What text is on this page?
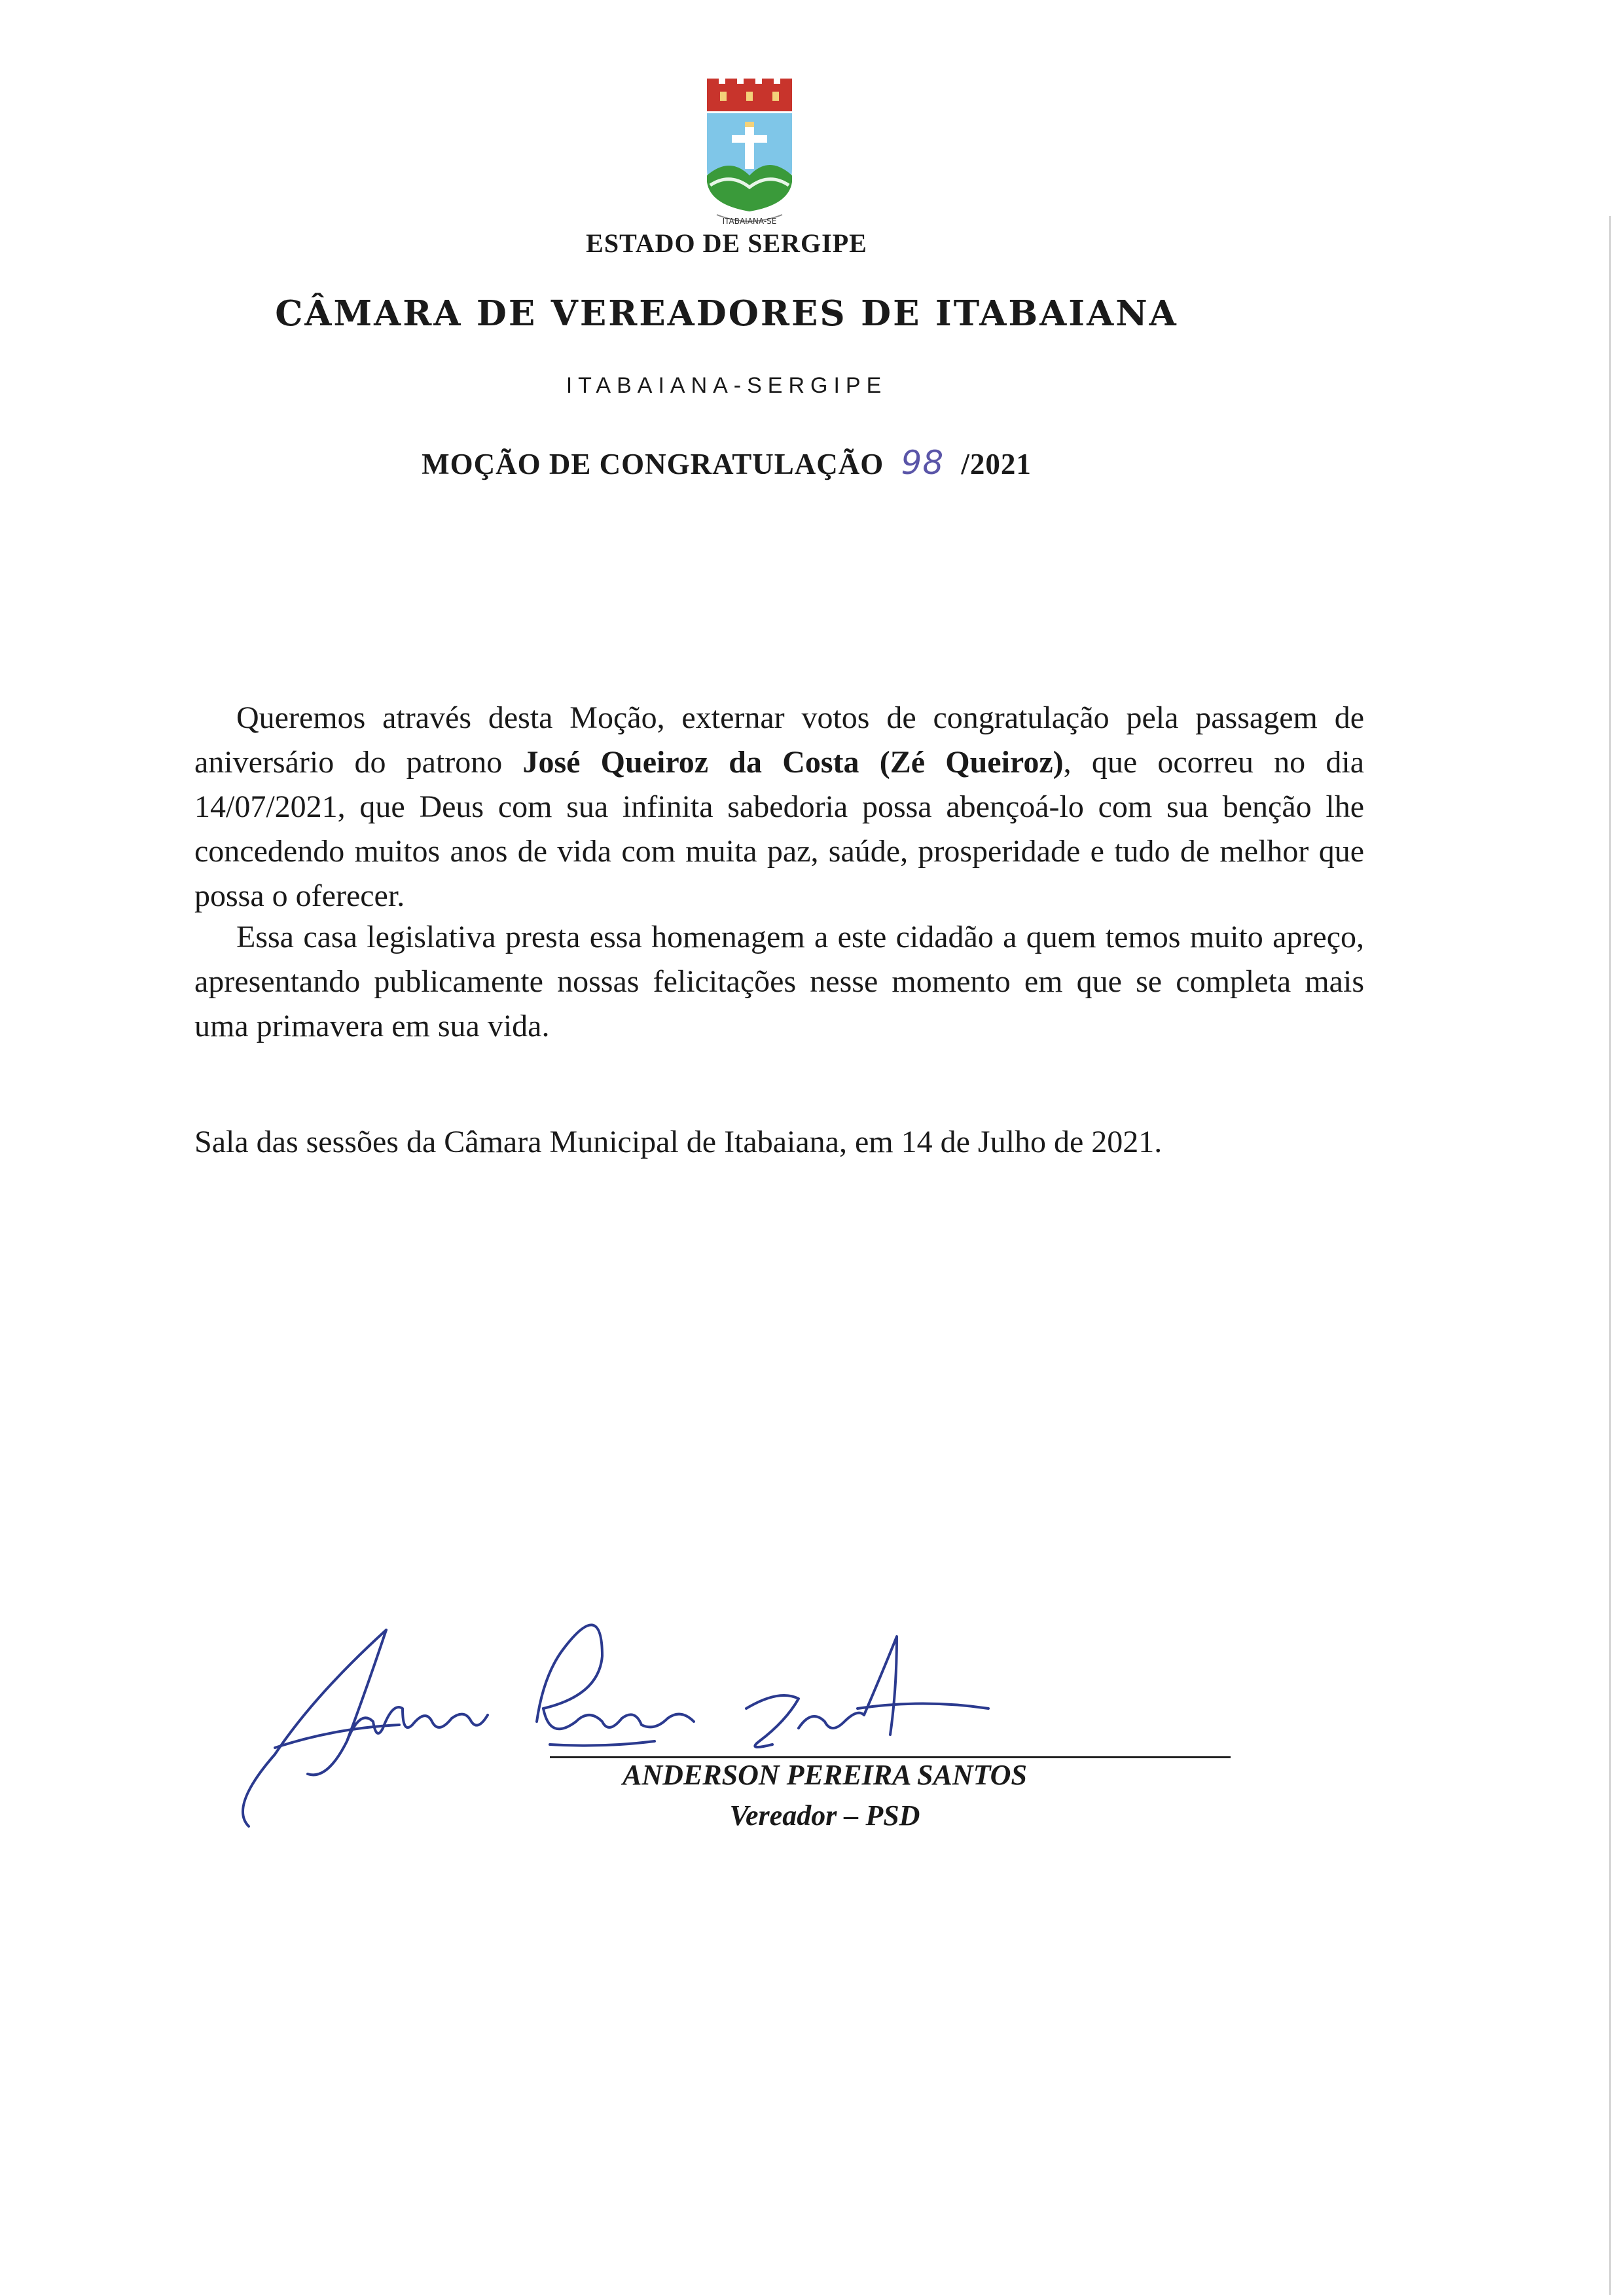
ITABAIANA-SE
ESTADO DE SERGIPE
CÂMARA DE VEREADORES DE ITABAIANA
ITABAIANA-SERGIPE
MOÇÃO DE CONGRATULAÇÃO 98 /2021

Queremos através desta Moção, externar votos de congratulação pela passagem de aniversário do patrono José Queiroz da Costa (Zé Queiroz), que ocorreu no dia 14/07/2021, que Deus com sua infinita sabedoria possa abençoá-lo com sua benção lhe concedendo muitos anos de vida com muita paz, saúde, prosperidade e tudo de melhor que possa o oferecer.

Essa casa legislativa presta essa homenagem a este cidadão a quem temos muito apreço, apresentando publicamente nossas felicitações nesse momento em que se completa mais uma primavera em sua vida.

Sala das sessões da Câmara Municipal de Itabaiana, em 14 de Julho de 2021.
ANDERSON PEREIRA SANTOS
Vereador – PSD
